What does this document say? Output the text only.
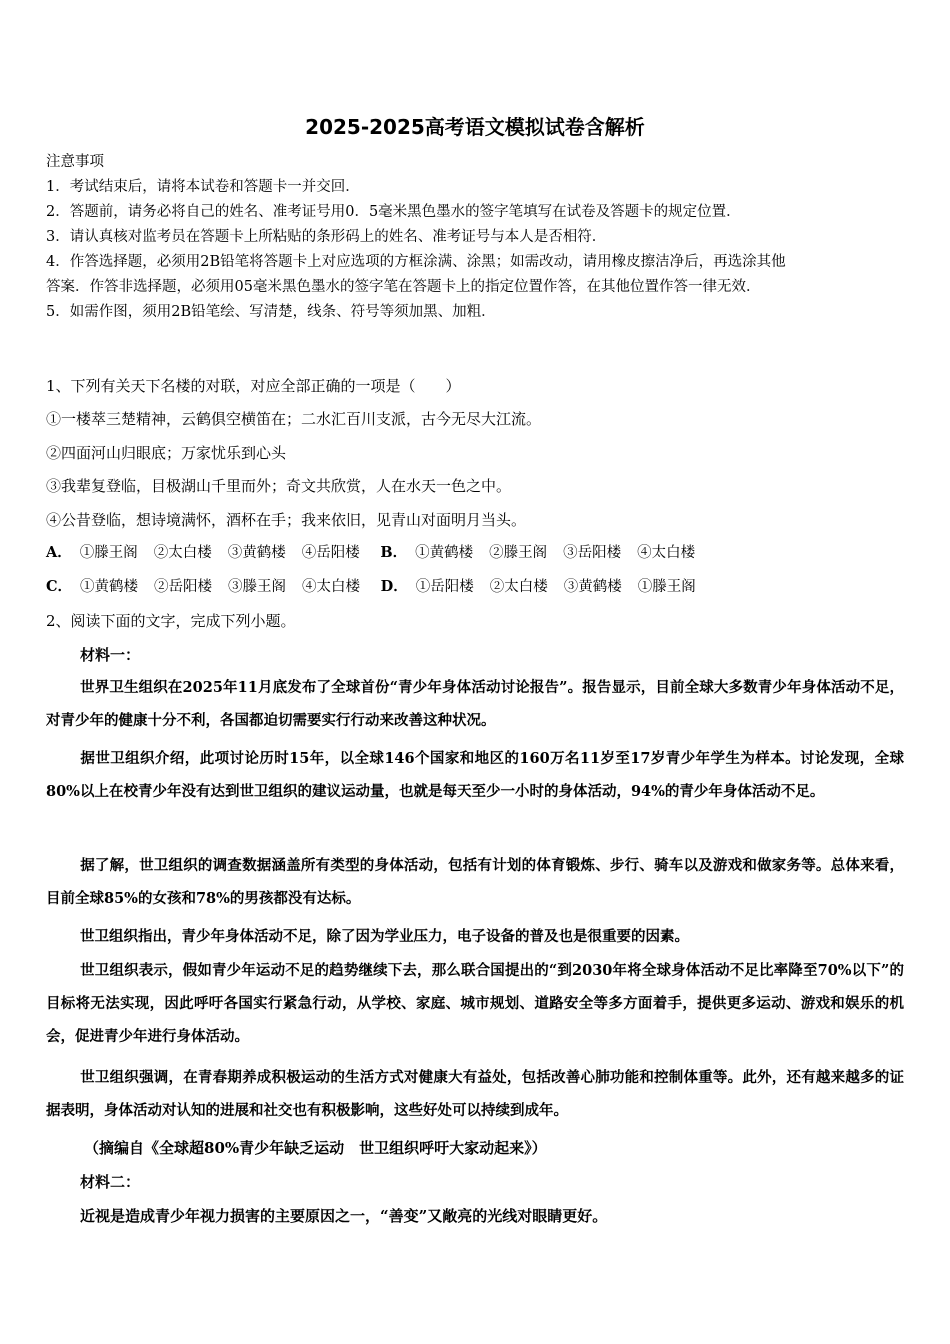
2025-2025高考语文模拟试卷含解析
注意事项
1．考试结束后，请将本试卷和答题卡一并交回．
2．答题前，请务必将自己的姓名、准考证号用0．5毫米黑色墨水的签字笔填写在试卷及答题卡的规定位置．
3．请认真核对监考员在答题卡上所粘贴的条形码上的姓名、准考证号与本人是否相符．
4．作答选择题，必须用2B铅笔将答题卡上对应选项的方框涂满、涂黑；如需改动，请用橡皮擦洁净后，再选涂其他
答案．作答非选择题，必须用05毫米黑色墨水的签字笔在答题卡上的指定位置作答，在其他位置作答一律无效．
5．如需作图，须用2B铅笔绘、写清楚，线条、符号等须加黑、加粗．
1、下列有关天下名楼的对联，对应全部正确的一项是（　　）
①一楼萃三楚精神，云鹤俱空横笛在；二水汇百川支派，古今无尽大江流。
②四面河山归眼底；万家忧乐到心头
③我辈复登临，目极湖山千里而外；奇文共欣赏，人在水天一色之中。
④公昔登临，想诗境满怀，酒杯在手；我来依旧，见青山对面明月当头。
A． ①滕王阁 ②太白楼 ③黄鹤楼 ④岳阳楼 B． ①黄鹤楼 ②滕王阁 ③岳阳楼 ④太白楼
C． ①黄鹤楼 ②岳阳楼 ③滕王阁 ④太白楼 D． ①岳阳楼 ②太白楼 ③黄鹤楼 ①滕王阁
2、阅读下面的文字，完成下列小题。
材料一：
世界卫生组织在2025年11月底发布了全球首份“青少年身体活动讨论报告”。报告显示，目前全球大多数青少年身体活动不足，对青少年的健康十分不利，各国都迫切需要实行行动来改善这种状况。
据世卫组织介绍，此项讨论历时15年，以全球146个国家和地区的160万名11岁至17岁青少年学生为样本。讨论发现，全球80%以上在校青少年没有达到世卫组织的建议运动量，也就是每天至少一小时的身体活动，94%的青少年身体活动不足。
据了解，世卫组织的调查数据涵盖所有类型的身体活动，包括有计划的体育锻炼、步行、骑车以及游戏和做家务等。总体来看，目前全球85%的女孩和78%的男孩都没有达标。
世卫组织指出，青少年身体活动不足，除了因为学业压力，电子设备的普及也是很重要的因素。
世卫组织表示，假如青少年运动不足的趋势继续下去，那么联合国提出的“到2030年将全球身体活动不足比率降至70%以下”的目标将无法实现，因此呼吁各国实行紧急行动，从学校、家庭、城市规划、道路安全等多方面着手，提供更多运动、游戏和娱乐的机会，促进青少年进行身体活动。
世卫组织强调，在青春期养成积极运动的生活方式对健康大有益处，包括改善心肺功能和控制体重等。此外，还有越来越多的证据表明，身体活动对认知的进展和社交也有积极影响，这些好处可以持续到成年。
（摘编自《全球超80%青少年缺乏运动　世卫组织呼吁大家动起来》）
材料二：
近视是造成青少年视力损害的主要原因之一，“善变”又敞亮的光线对眼睛更好。
